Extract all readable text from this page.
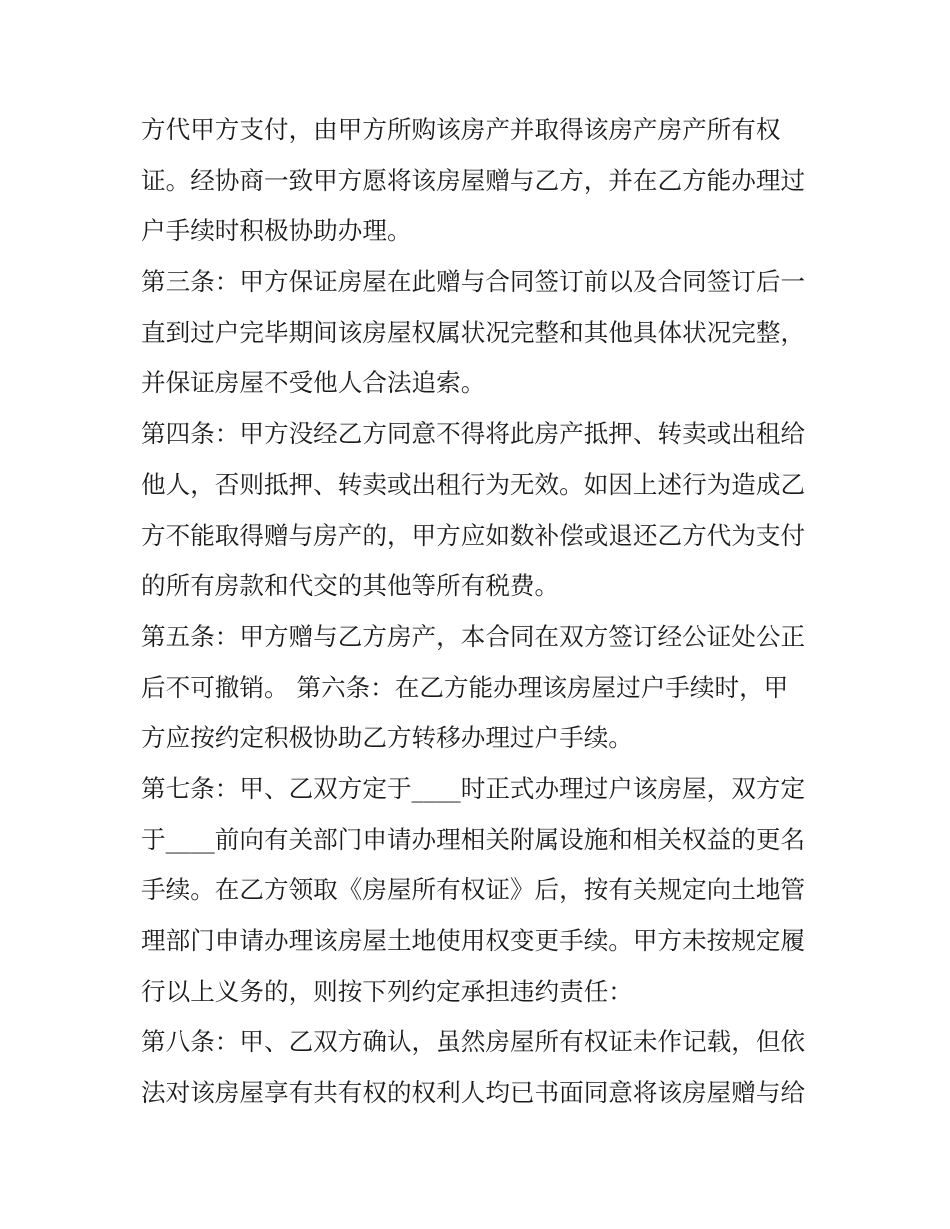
方代甲方支付，由甲方所购该房产并取得该房产房产所有权
证。经协商一致甲方愿将该房屋赠与乙方，并在乙方能办理过
户手续时积极协助办理。
第三条：甲方保证房屋在此赠与合同签订前以及合同签订后一
直到过户完毕期间该房屋权属状况完整和其他具体状况完整，
并保证房屋不受他人合法追索。
第四条：甲方没经乙方同意不得将此房产抵押、转卖或出租给
他人，否则抵押、转卖或出租行为无效。如因上述行为造成乙
方不能取得赠与房产的，甲方应如数补偿或退还乙方代为支付
的所有房款和代交的其他等所有税费。
第五条：甲方赠与乙方房产，本合同在双方签订经公证处公正
后不可撤销。 第六条：在乙方能办理该房屋过户手续时，甲
方应按约定积极协助乙方转移办理过户手续。
第七条：甲、乙双方定于____时正式办理过户该房屋，双方定
于____前向有关部门申请办理相关附属设施和相关权益的更名
手续。在乙方领取《房屋所有权证》后，按有关规定向土地管
理部门申请办理该房屋土地使用权变更手续。甲方未按规定履
行以上义务的，则按下列约定承担违约责任：
第八条：甲、乙双方确认，虽然房屋所有权证未作记载，但依
法对该房屋享有共有权的权利人均已书面同意将该房屋赠与给
